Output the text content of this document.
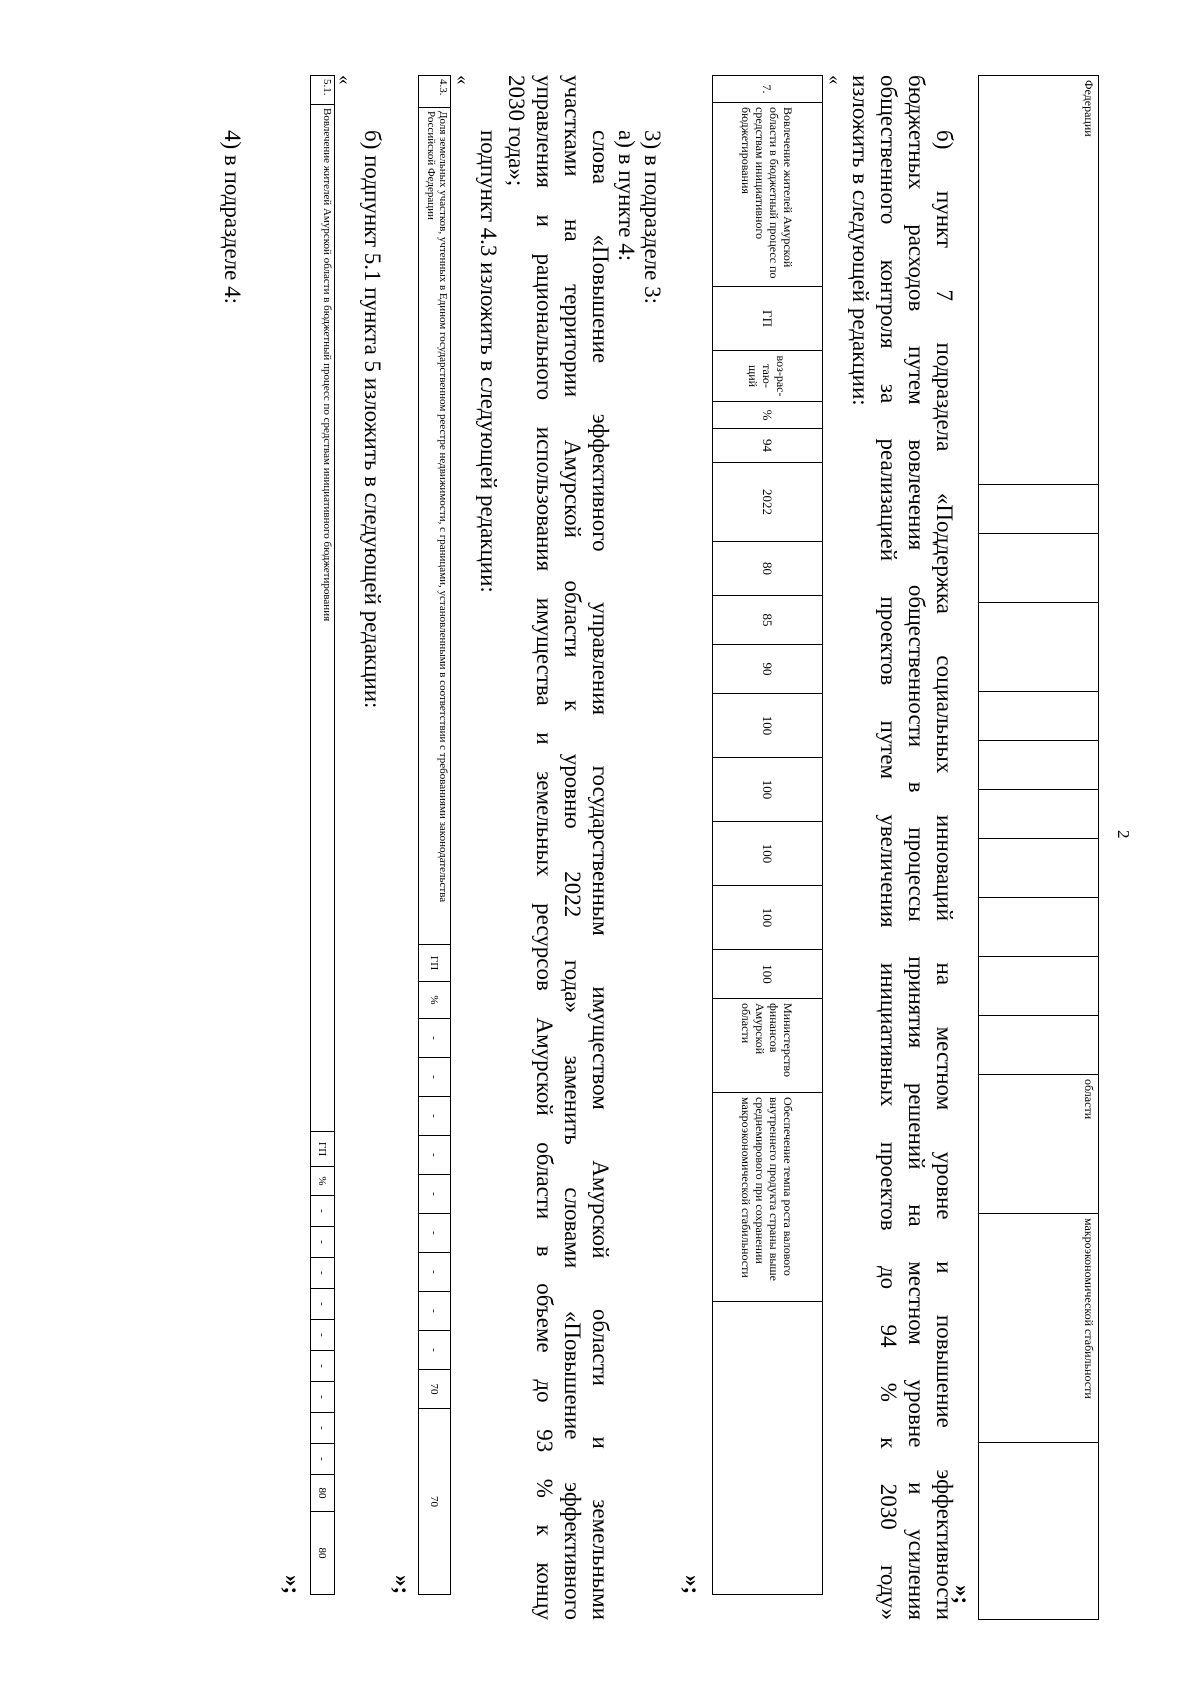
2
Федерации											области	макроэкономической стабильности	
»;
б) пункт 7 подраздела «Поддержка социальных инноваций на местном уровне и повышение эффективности
бюджетных расходов путем вовлечения общественности в процессы принятия решений на местном уровне и усиления
общественного контроля за реализацией проектов путем увеличения инициативных проектов до 94 % к 2030 году»
изложить в следующей редакции:
«
7.	Вовлечение жителей Амурской области в бюджетный процесс по средствам инициативного бюджетирования	ГП	воз-рас-таю-щий	%	94	2022	80	85	90	100	100	100	100	100	Министерство финансов Амурской области	Обеспечение темпа роста валового внутреннего продукта страны выше среднемирового при сохранении макроэкономической стабильности	
»;
3) в подразделе 3:
а) в пункте 4:
слова «Повышение эффективного управления государственным имуществом Амурской области и земельными
участками на территории Амурской области к уровню 2022 года» заменить словами «Повышение эффективного
управления и рационального использования имущества и земельных ресурсов Амурской области в объеме до 93 % к концу
2030 года»;
подпункт 4.3 изложить в следующей редакции:
«
4.3.	Доля земельных участков, учтенных в Едином государственном реестре недвижимости, с границами, установленными в соответствии с требованиями законодательства Российской Федерации	ГП	%	-	-	-	-	-	-	-	-	-	70	70
»;
б) подпункт 5.1 пункта 5 изложить в следующей редакции:
«
5.1.	Вовлечение жителей Амурской области в бюджетный процесс по средствам инициативного бюджетирования	ГП	%	-	-	-	-	-	-	-	-	-	80	80
»;
4) в подразделе 4:
